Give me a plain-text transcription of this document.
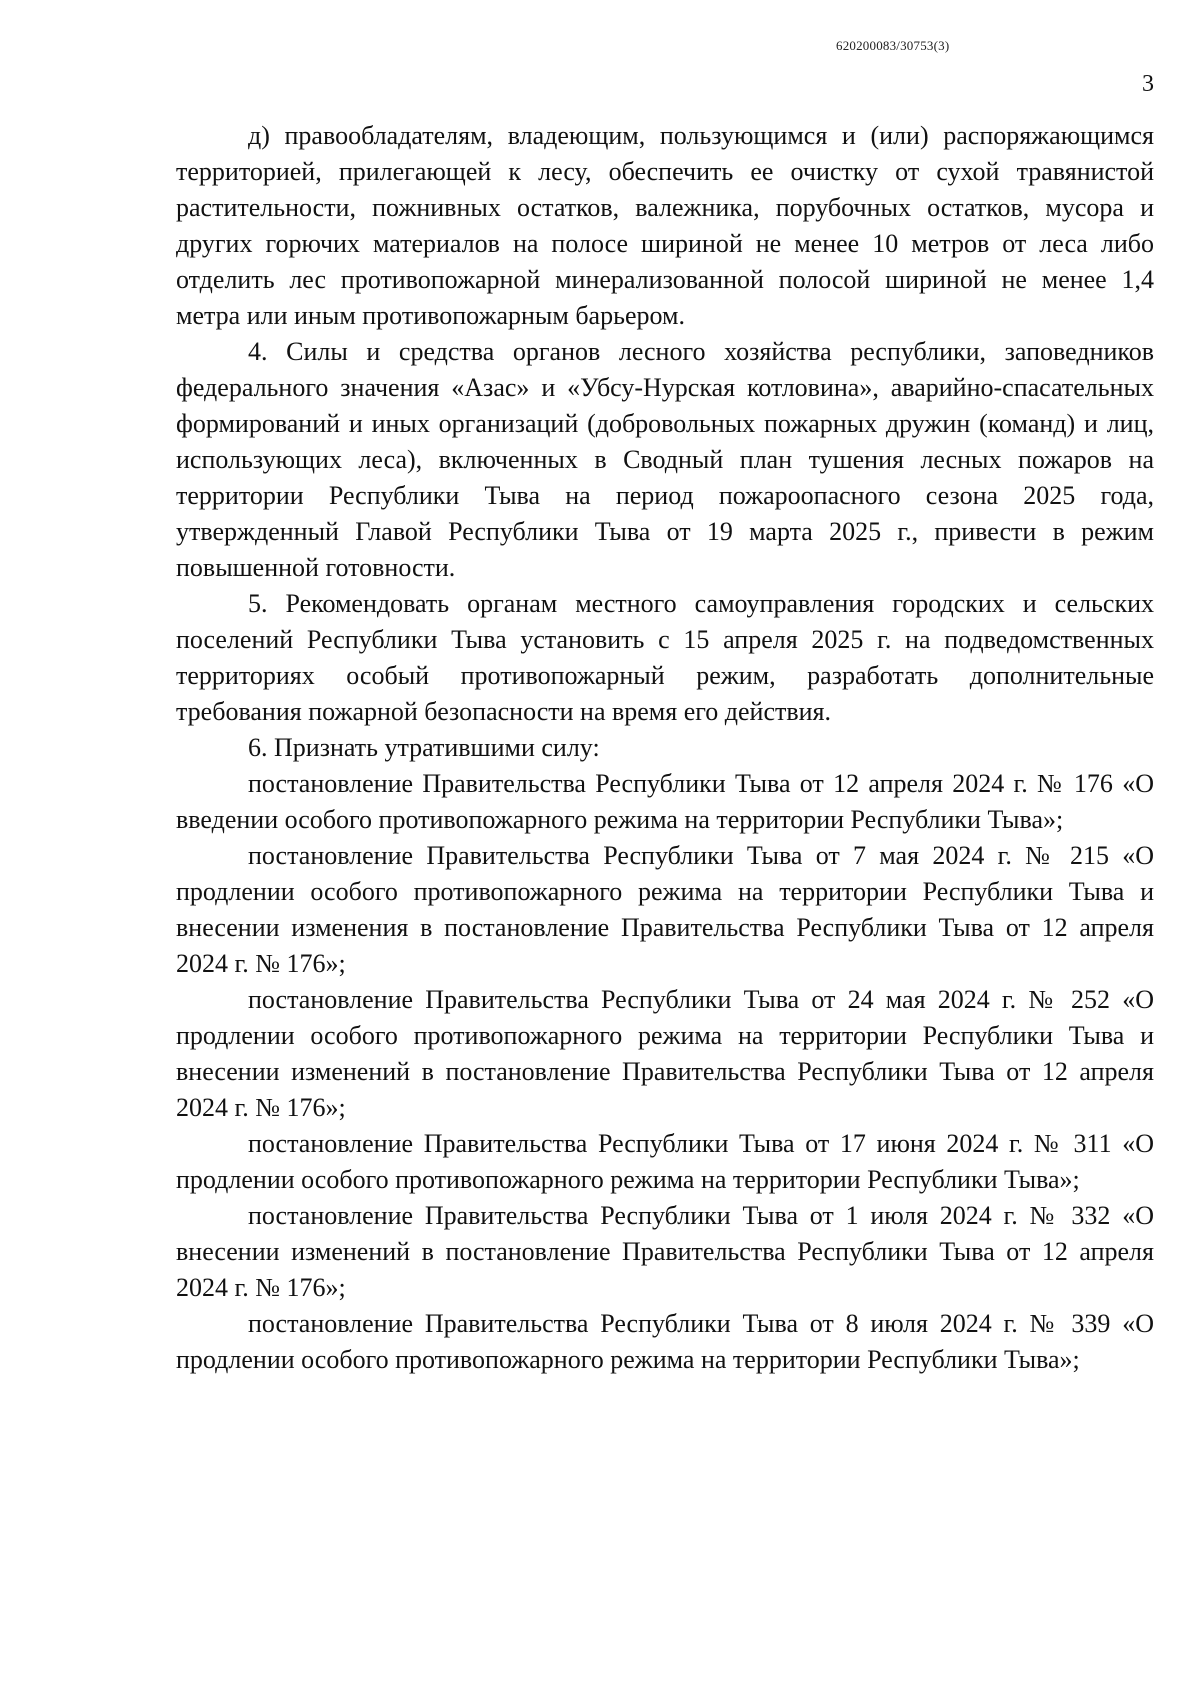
620200083/30753(3)
3

д) правообладателям, владеющим, пользующимся и (или) распоряжающимся территорией, прилегающей к лесу, обеспечить ее очистку от сухой травянистой растительности, пожнивных остатков, валежника, порубочных остатков, мусора и других горючих материалов на полосе шириной не менее 10 метров от леса либо отделить лес противопожарной минерализованной полосой шириной не менее 1,4 метра или иным противопожарным барьером.

4. Силы и средства органов лесного хозяйства республики, заповедников федерального значения «Азас» и «Убсу-Нурская котловина», аварийно-спасательных формирований и иных организаций (добровольных пожарных дружин (команд) и лиц, использующих леса), включенных в Сводный план тушения лесных пожаров на территории Республики Тыва на период пожароопасного сезона 2025 года, утвержденный Главой Республики Тыва от 19 марта 2025 г., привести в режим повышенной готовности.

5. Рекомендовать органам местного самоуправления городских и сельских поселений Республики Тыва установить с 15 апреля 2025 г. на подведомственных территориях особый противопожарный режим, разработать дополнительные требования пожарной безопасности на время его действия.

6. Признать утратившими силу:

постановление Правительства Республики Тыва от 12 апреля 2024 г. № 176 «О введении особого противопожарного режима на территории Республики Тыва»;

постановление Правительства Республики Тыва от 7 мая 2024 г. № 215 «О продлении особого противопожарного режима на территории Республики Тыва и внесении изменения в постановление Правительства Республики Тыва от 12 апреля 2024 г. № 176»;

постановление Правительства Республики Тыва от 24 мая 2024 г. № 252 «О продлении особого противопожарного режима на территории Республики Тыва и внесении изменений в постановление Правительства Республики Тыва от 12 апреля 2024 г. № 176»;

постановление Правительства Республики Тыва от 17 июня 2024 г. № 311 «О продлении особого противопожарного режима на территории Республики Тыва»;

постановление Правительства Республики Тыва от 1 июля 2024 г. № 332 «О внесении изменений в постановление Правительства Республики Тыва от 12 апреля 2024 г. № 176»;

постановление Правительства Республики Тыва от 8 июля 2024 г. № 339 «О продлении особого противопожарного режима на территории Республики Тыва»;
